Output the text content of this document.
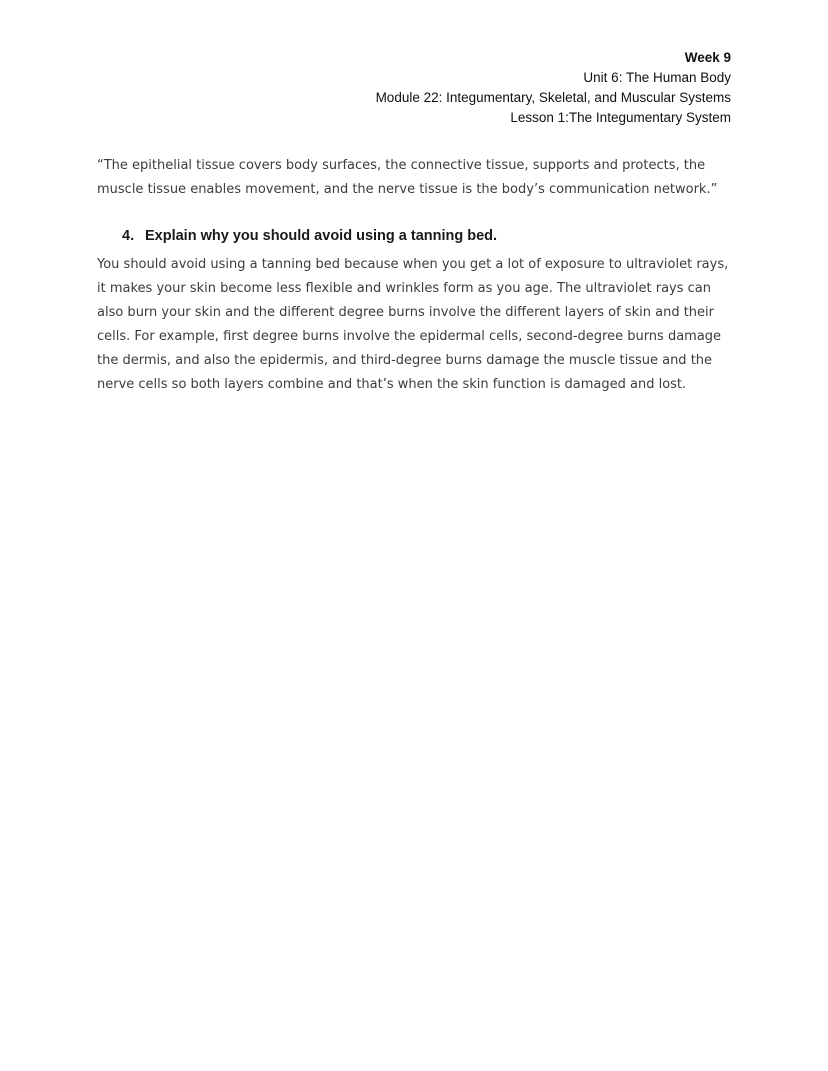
Week 9
Unit 6: The Human Body
Module 22: Integumentary, Skeletal, and Muscular Systems
Lesson 1:The Integumentary System

“The epithelial tissue covers body surfaces, the connective tissue, supports and protects, the muscle tissue enables movement, and the nerve tissue is the body’s communication network.”

4. Explain why you should avoid using a tanning bed.

You should avoid using a tanning bed because when you get a lot of exposure to ultraviolet rays, it makes your skin become less flexible and wrinkles form as you age. The ultraviolet rays can also burn your skin and the different degree burns involve the different layers of skin and their cells. For example, first degree burns involve the epidermal cells, second-degree burns damage the dermis, and also the epidermis, and third-degree burns damage the muscle tissue and the nerve cells so both layers combine and that’s when the skin function is damaged and lost.
